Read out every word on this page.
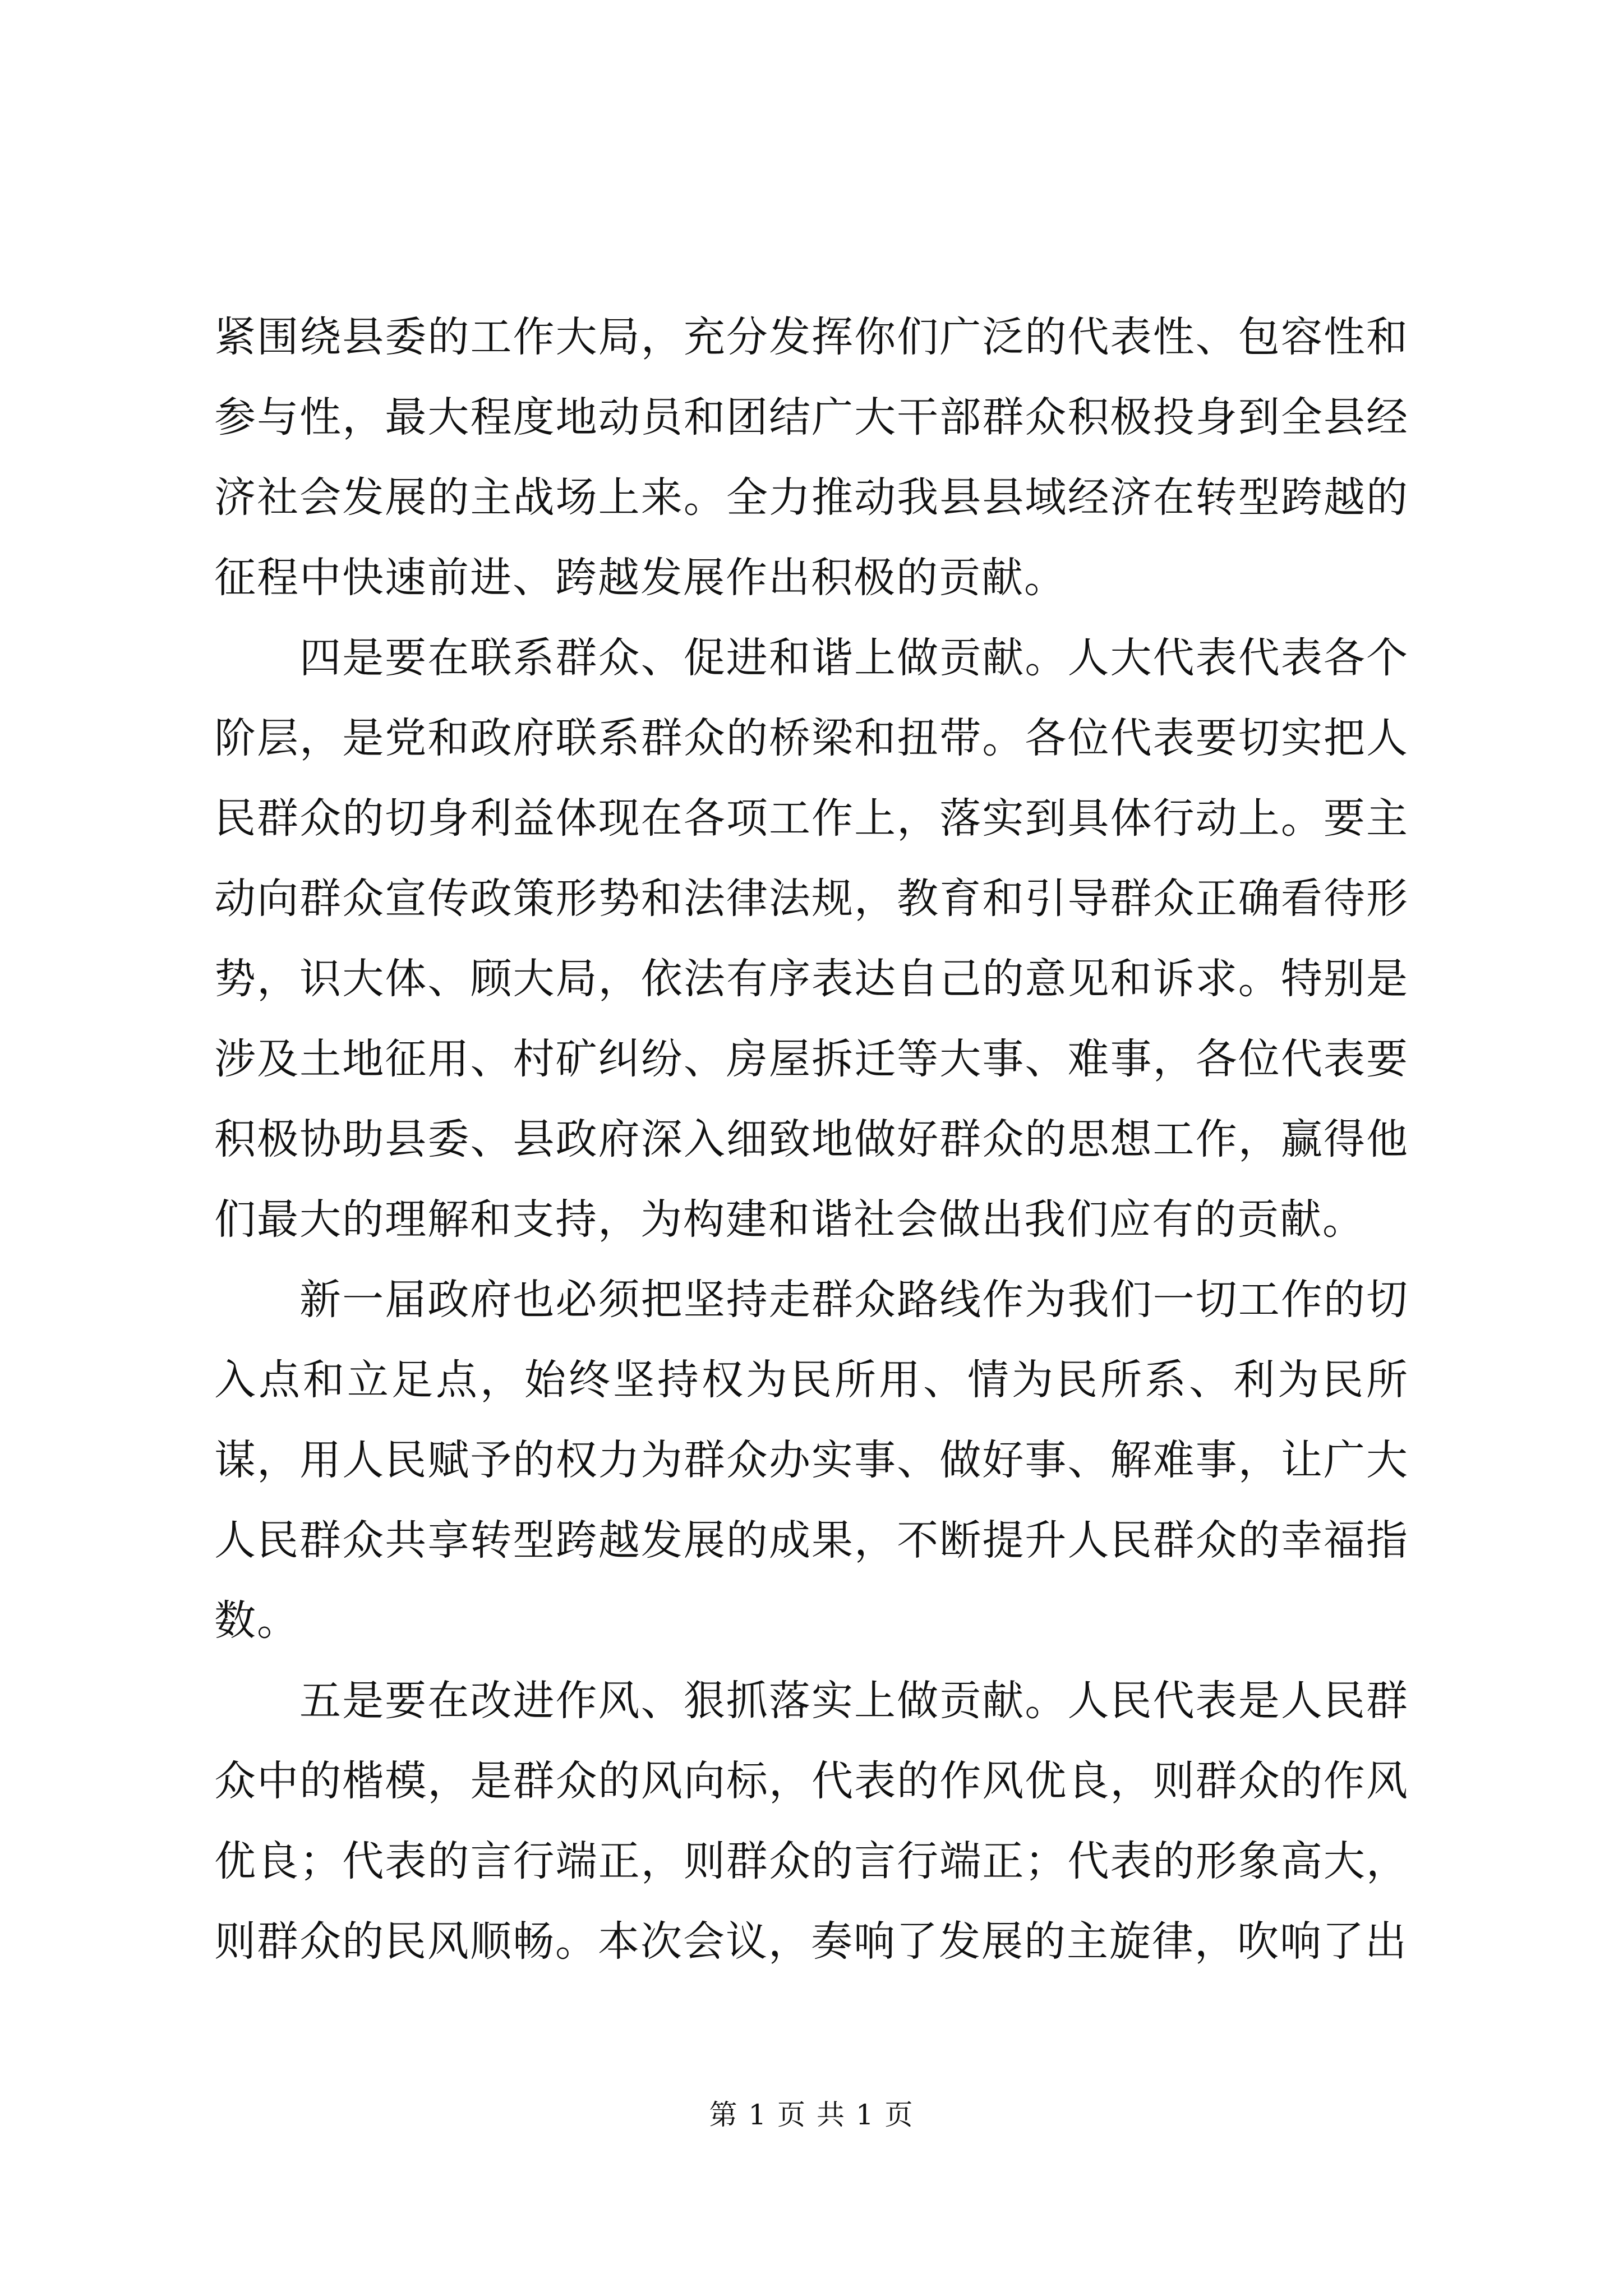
紧围绕县委的工作大局，充分发挥你们广泛的代表性、包容性和参与性，最大程度地动员和团结广大干部群众积极投身到全县经济社会发展的主战场上来。全力推动我县县域经济在转型跨越的征程中快速前进、跨越发展作出积极的贡献。

四是要在联系群众、促进和谐上做贡献。人大代表代表各个阶层，是党和政府联系群众的桥梁和扭带。各位代表要切实把人民群众的切身利益体现在各项工作上，落实到具体行动上。要主动向群众宣传政策形势和法律法规，教育和引导群众正确看待形势，识大体、顾大局，依法有序表达自己的意见和诉求。特别是涉及土地征用、村矿纠纷、房屋拆迁等大事、难事，各位代表要积极协助县委、县政府深入细致地做好群众的思想工作，赢得他们最大的理解和支持，为构建和谐社会做出我们应有的贡献。

新一届政府也必须把坚持走群众路线作为我们一切工作的切入点和立足点，始终坚持权为民所用、情为民所系、利为民所谋，用人民赋予的权力为群众办实事、做好事、解难事，让广大人民群众共享转型跨越发展的成果，不断提升人民群众的幸福指数。

五是要在改进作风、狠抓落实上做贡献。人民代表是人民群众中的楷模，是群众的风向标，代表的作风优良，则群众的作风优良；代表的言行端正，则群众的言行端正；代表的形象高大，则群众的民风顺畅。本次会议，奏响了发展的主旋律，吹响了出

第 1 页 共 1 页
